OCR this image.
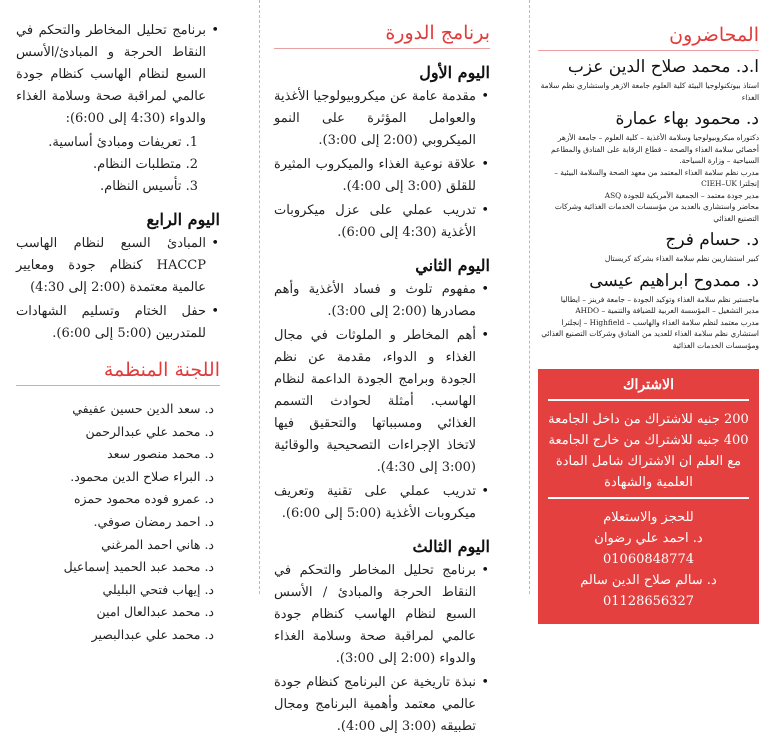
المحاضرون

ا.د. محمد صلاح الدين عزب

استاذ بيوتكنولوجيا البيئة كلية العلوم جامعة الازهر واستشاري نظم سلامة الغذاء

د. محمود بهاء عمارة

دكتوراه ميكروبيولوجيا وسلامة الأغذية – كلية العلوم – جامعة الأزهر

أخصائي سلامة الغذاء والصحة – قطاع الرقابة على الفنادق والمطاعم السياحية – وزارة السياحة.

مدرب نظم سلامة الغذاء المعتمد من معهد الصحة والسلامة البيئية – إنجلترا CIEH–UK

مدير جودة معتمد – الجمعية الأمريكية للجودة ASQ

محاضر واستشاري بالعديد من مؤسسات الخدمات الغذائية وشركات التصنيع الغذائي

د. حسام فرج

كبير استشاريين نظم سلامة الغذاء بشركة كريستال

د. ممدوح ابراهيم عيسى

ماجستير نظم سلامة الغذاء وتوكيد الجودة – جامعة فرينز – ايطاليا

مدير التشغيل – المؤسسة العربية للضيافة والتنمية – AHDO

مدرب معتمد لنظم سلامة الغذاء والهاسب – Highfield – إنجلترا

استشاري نظم سلامة الغذاء للعديد من الفنادق وشركات التصنيع الغذائي ومؤسسات الخدمات الغذائية

الاشتراك

200 جنيه للاشتراك من داخل الجامعة

400 جنيه للاشتراك من خارج الجامعة

مع العلم ان الاشتراك شامل المادة العلمية والشهادة

للحجز والاستعلام

د. احمد علي رضوان 01060848774

د. سالم صلاح الدين سالم 01128656327

برنامج الدورة
اليوم الأول
• مقدمة عامة عن ميكروبيولوجيا الأغذية والعوامل المؤثرة على النمو الميكروبي (2:00 إلى 3:00).
• علاقة نوعية الغذاء والميكروب المثيرة للقلق (3:00 إلى 4:00).
• تدريب عملي على عزل ميكروبات الأغذية (4:30 إلى 6:00).
اليوم الثاني
• مفهوم تلوث و فساد الأغذية وأهم مصادرها (2:00 إلى 3:00).
• أهم المخاطر و الملوثات في مجال الغذاء و الدواء، مقدمة عن نظم الجودة وبرامج الجودة الداعمة لنظام الهاسب. أمثلة لحوادث التسمم الغذائي ومسبباتها والتحقيق فيها لاتخاذ الإجراءات التصحيحية والوقائية (3:00 إلى 4:30).
• تدريب عملي على تقنية وتعريف ميكروبات الأغذية (5:00 إلى 6:00).
اليوم الثالث
• برنامج تحليل المخاطر والتحكم في النقاط الحرجة والمبادئ / الأسس السبع لنظام الهاسب كنظام جودة عالمي لمراقبة صحة وسلامة الغذاء والدواء (2:00 إلى 3:00).
• نبذة تاريخية عن البرنامج كنظام جودة عالمي معتمد وأهمية البرنامج ومجال تطبيقه (3:00 إلى 4:00).
• برنامج تحليل المخاطر والتحكم في النقاط الحرجة و المبادئ/الأسس السبع لنظام الهاسب كنظام جودة عالمي لمراقبة صحة وسلامة الغذاء والدواء (4:30 إلى 6:00):
1. تعريفات ومبادئ أساسية.
2. متطلبات النظام.
3. تأسيس النظام.
اليوم الرابع
• المبادئ السبع لنظام الهاسب HACCP كنظام جودة ومعايير عالمية معتمدة (2:00 إلى 4:30)
• حفل الختام وتسليم الشهادات للمتدربين (5:00 إلى 6:00).
اللجنة المنظمة
د. سعد الدين حسين عفيفي
د. محمد علي عبدالرحمن
د. محمد منصور سعد
د. البراء صلاح الدين محمود.
د. عمرو فوده محمود حمزه
د. احمد رمضان صوفي.
د. هاني احمد المرغني
د. محمد عبد الحميد إسماعيل
د. إيهاب فتحي البليلي
د. محمد عبدالعال امين
د. محمد علي عبدالبصير
